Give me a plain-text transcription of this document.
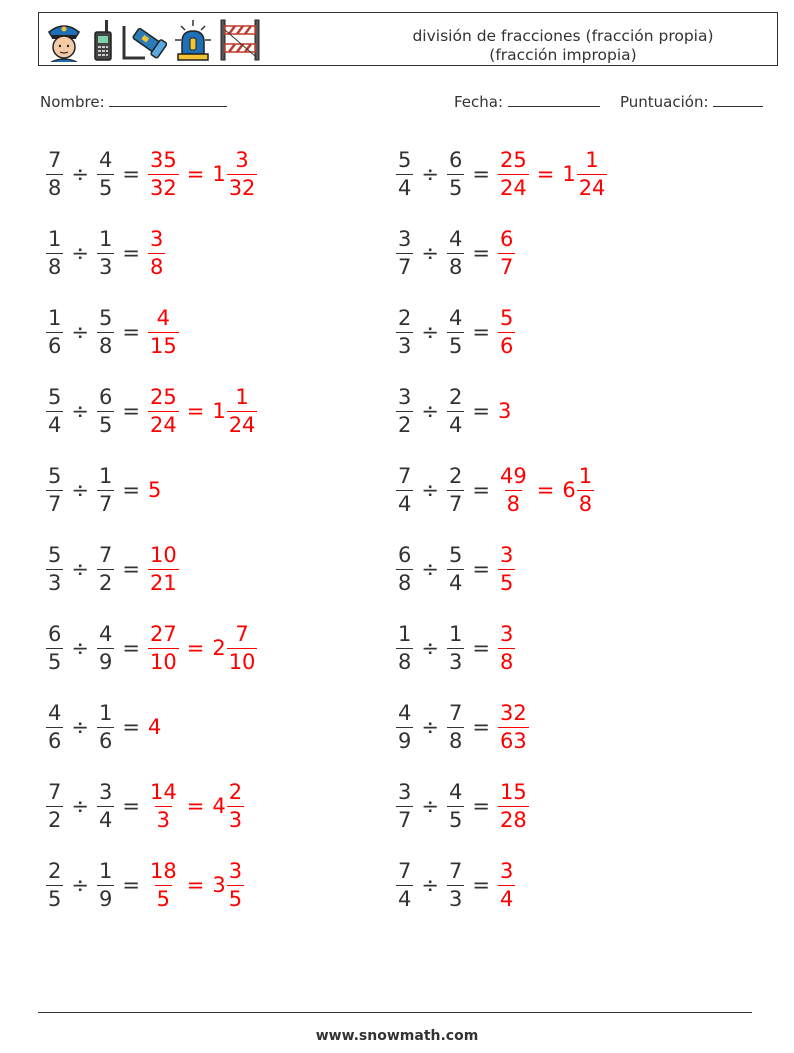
división de fracciones (fracción propia)
(fracción impropia)
Nombre:	Fecha:	Puntuación:
$\frac{7}{8} \div \frac{4}{5} = \frac{35}{32} = 1 \frac{3}{32}$	$\frac{5}{4} \div \frac{6}{5} = \frac{25}{24} = 1 \frac{1}{24}$
$\frac{1}{8} \div \frac{1}{3} = \frac{3}{8}$	$\frac{3}{7} \div \frac{4}{8} = \frac{6}{7}$
$\frac{1}{6} \div \frac{5}{8} = \frac{4}{15}$	$\frac{2}{3} \div \frac{4}{5} = \frac{5}{6}$
$\frac{5}{4} \div \frac{6}{5} = \frac{25}{24} = 1 \frac{1}{24}$	$\frac{3}{2} \div \frac{2}{4} = 3$
$\frac{5}{7} \div \frac{1}{7} = 5$	$\frac{7}{4} \div \frac{2}{7} = \frac{49}{8} = 6 \frac{1}{8}$
$\frac{5}{3} \div \frac{7}{2} = \frac{10}{21}$	$\frac{6}{8} \div \frac{5}{4} = \frac{3}{5}$
$\frac{6}{5} \div \frac{4}{9} = \frac{27}{10} = 2 \frac{7}{10}$	$\frac{1}{8} \div \frac{1}{3} = \frac{3}{8}$
$\frac{4}{6} \div \frac{1}{6} = 4$	$\frac{4}{9} \div \frac{7}{8} = \frac{32}{63}$
$\frac{7}{2} \div \frac{3}{4} = \frac{14}{3} = 4 \frac{2}{3}$	$\frac{3}{7} \div \frac{4}{5} = \frac{15}{28}$
$\frac{2}{5} \div \frac{1}{9} = \frac{18}{5} = 3 \frac{3}{5}$	$\frac{7}{4} \div \frac{7}{3} = \frac{3}{4}$
www.snowmath.com
